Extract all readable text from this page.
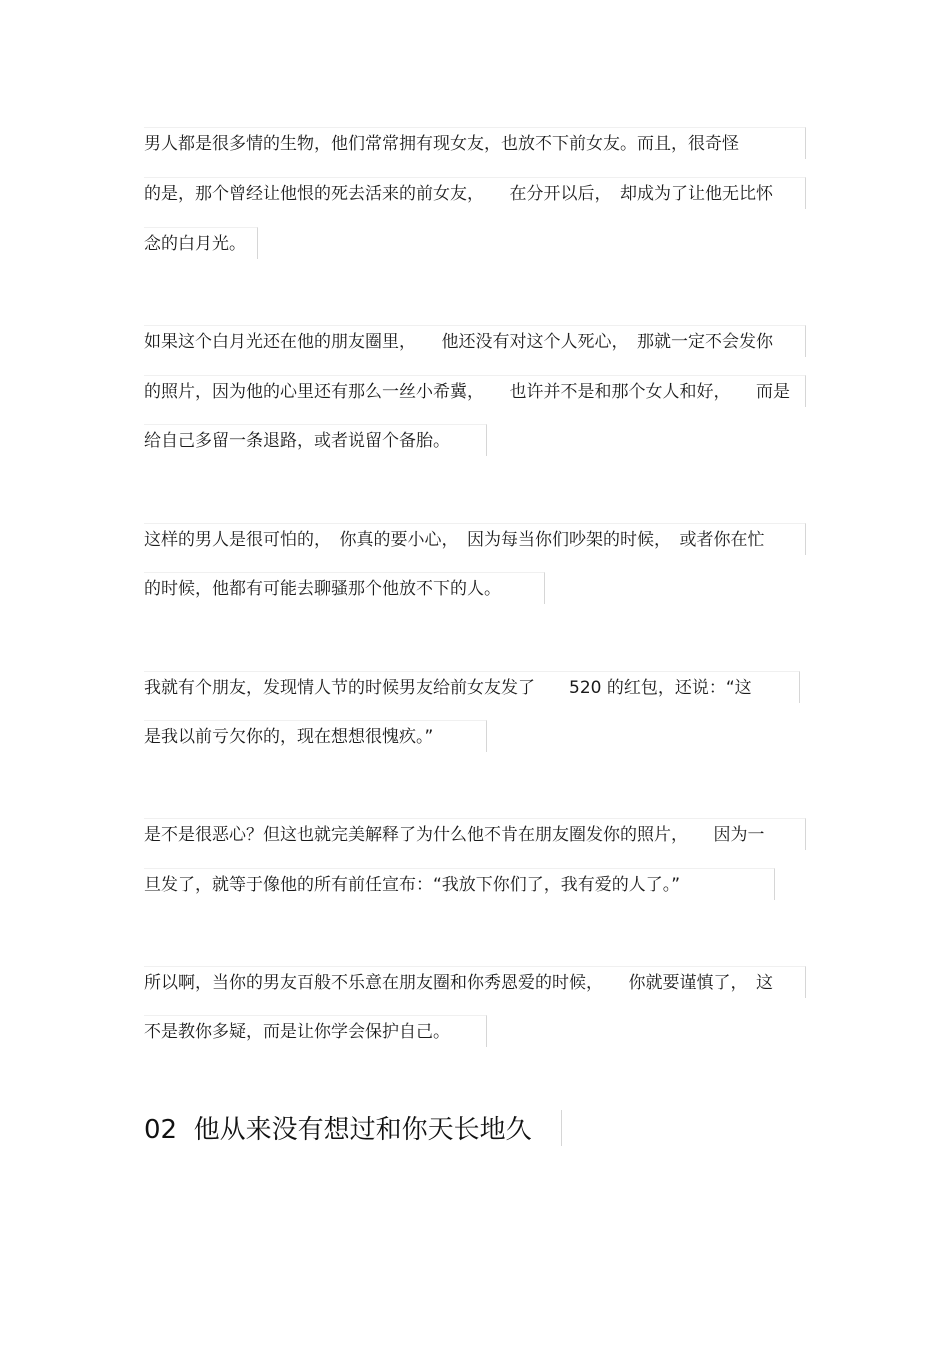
男人都是很多情的生物，他们常常拥有现女友，也放不下前女友。而且，很奇怪
的是，那个曾经让他恨的死去活来的前女友，　　在分开以后，　却成为了让他无比怀
念的白月光。
如果这个白月光还在他的朋友圈里，　　他还没有对这个人死心，　那就一定不会发你
的照片，因为他的心里还有那么一丝小希冀，　　也许并不是和那个女人和好，　　而是
给自己多留一条退路，或者说留个备胎。
这样的男人是很可怕的，　你真的要小心，　因为每当你们吵架的时候，　或者你在忙
的时候，他都有可能去聊骚那个他放不下的人。
我就有个朋友，发现情人节的时候男友给前女友发了　　520 的红包，还说：“这
是我以前亏欠你的，现在想想很愧疚。”
是不是很恶心？但这也就完美解释了为什么他不肯在朋友圈发你的照片，　　因为一
旦发了，就等于像他的所有前任宣布：“我放下你们了，我有爱的人了。”
所以啊，当你的男友百般不乐意在朋友圈和你秀恩爱的时候，　　你就要谨慎了，　这
不是教你多疑，而是让你学会保护自己。
02  他从来没有想过和你天长地久
